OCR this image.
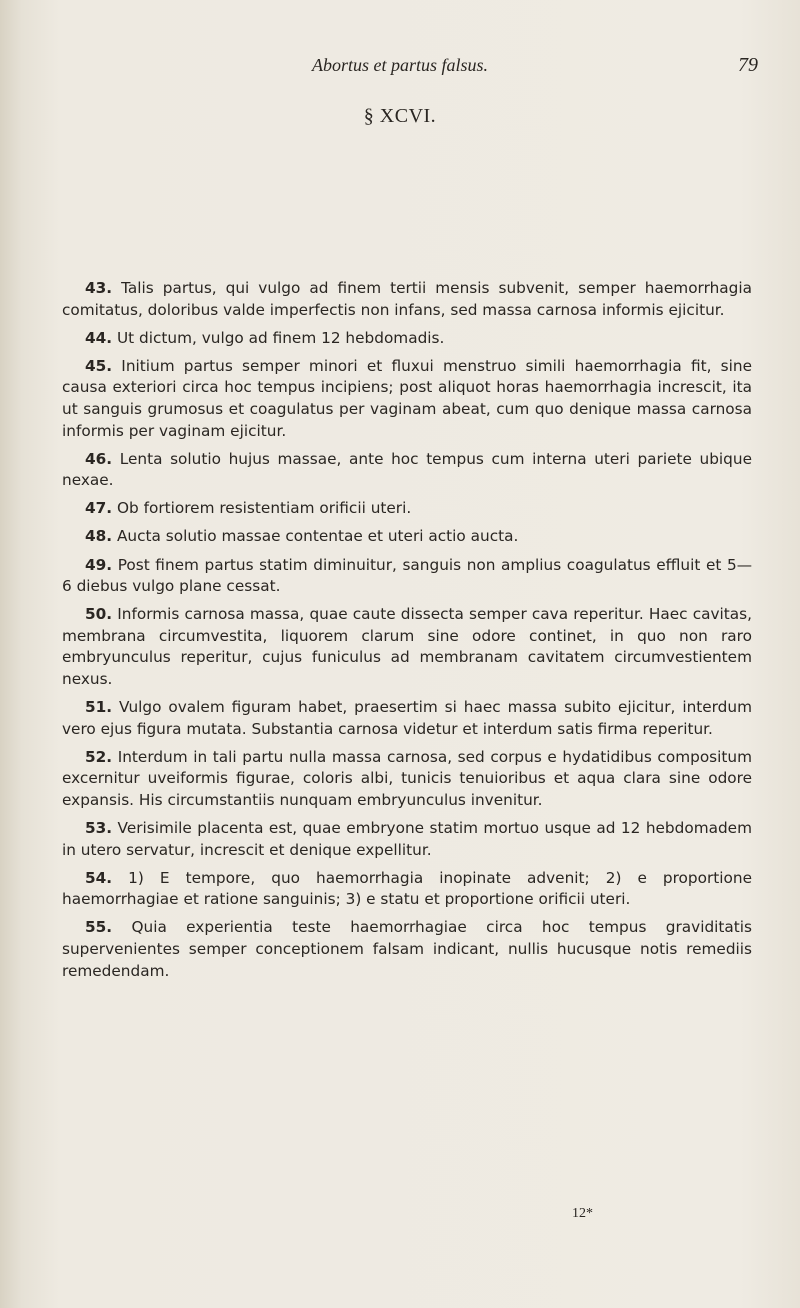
Abortus et partus falsus.	79
§ XCVI.

43. Talis partus, qui vulgo ad finem tertii mensis subvenit, semper haemorrhagia comitatus, doloribus valde imperfectis non infans, sed massa carnosa informis ejicitur.

44. Ut dictum, vulgo ad finem 12 hebdomadis.

45. Initium partus semper minori et fluxui menstruo simili haemorrhagia fit, sine causa exteriori circa hoc tempus incipiens; post aliquot horas haemorrhagia increscit, ita ut sanguis grumosus et coagulatus per vaginam abeat, cum quo denique massa carnosa informis per vaginam ejicitur.

46. Lenta solutio hujus massae, ante hoc tempus cum interna uteri pariete ubique nexae.

47. Ob fortiorem resistentiam orificii uteri.

48. Aucta solutio massae contentae et uteri actio aucta.

49. Post finem partus statim diminuitur, sanguis non amplius coagulatus effluit et 5—6 diebus vulgo plane cessat.

50. Informis carnosa massa, quae caute dissecta semper cava reperitur. Haec cavitas, membrana circumvestita, liquorem clarum sine odore continet, in quo non raro embryunculus reperitur, cujus funiculus ad membranam cavitatem circumvestientem nexus.

51. Vulgo ovalem figuram habet, praesertim si haec massa subito ejicitur, interdum vero ejus figura mutata. Substantia carnosa videtur et interdum satis firma reperitur.

52. Interdum in tali partu nulla massa carnosa, sed corpus e hydatidibus compositum excernitur uveiformis figurae, coloris albi, tunicis tenuioribus et aqua clara sine odore expansis. His circumstantiis nunquam embryunculus invenitur.

53. Verisimile placenta est, quae embryone statim mortuo usque ad 12 hebdomadem in utero servatur, increscit et denique expellitur.

54. 1) E tempore, quo haemorrhagia inopinate advenit; 2) e proportione haemorrhagiae et ratione sanguinis; 3) e statu et proportione orificii uteri.

55. Quia experientia teste haemorrhagiae circa hoc tempus graviditatis supervenientes semper conceptionem falsam indicant, nullis hucusque notis remediis remedendam.

12*
